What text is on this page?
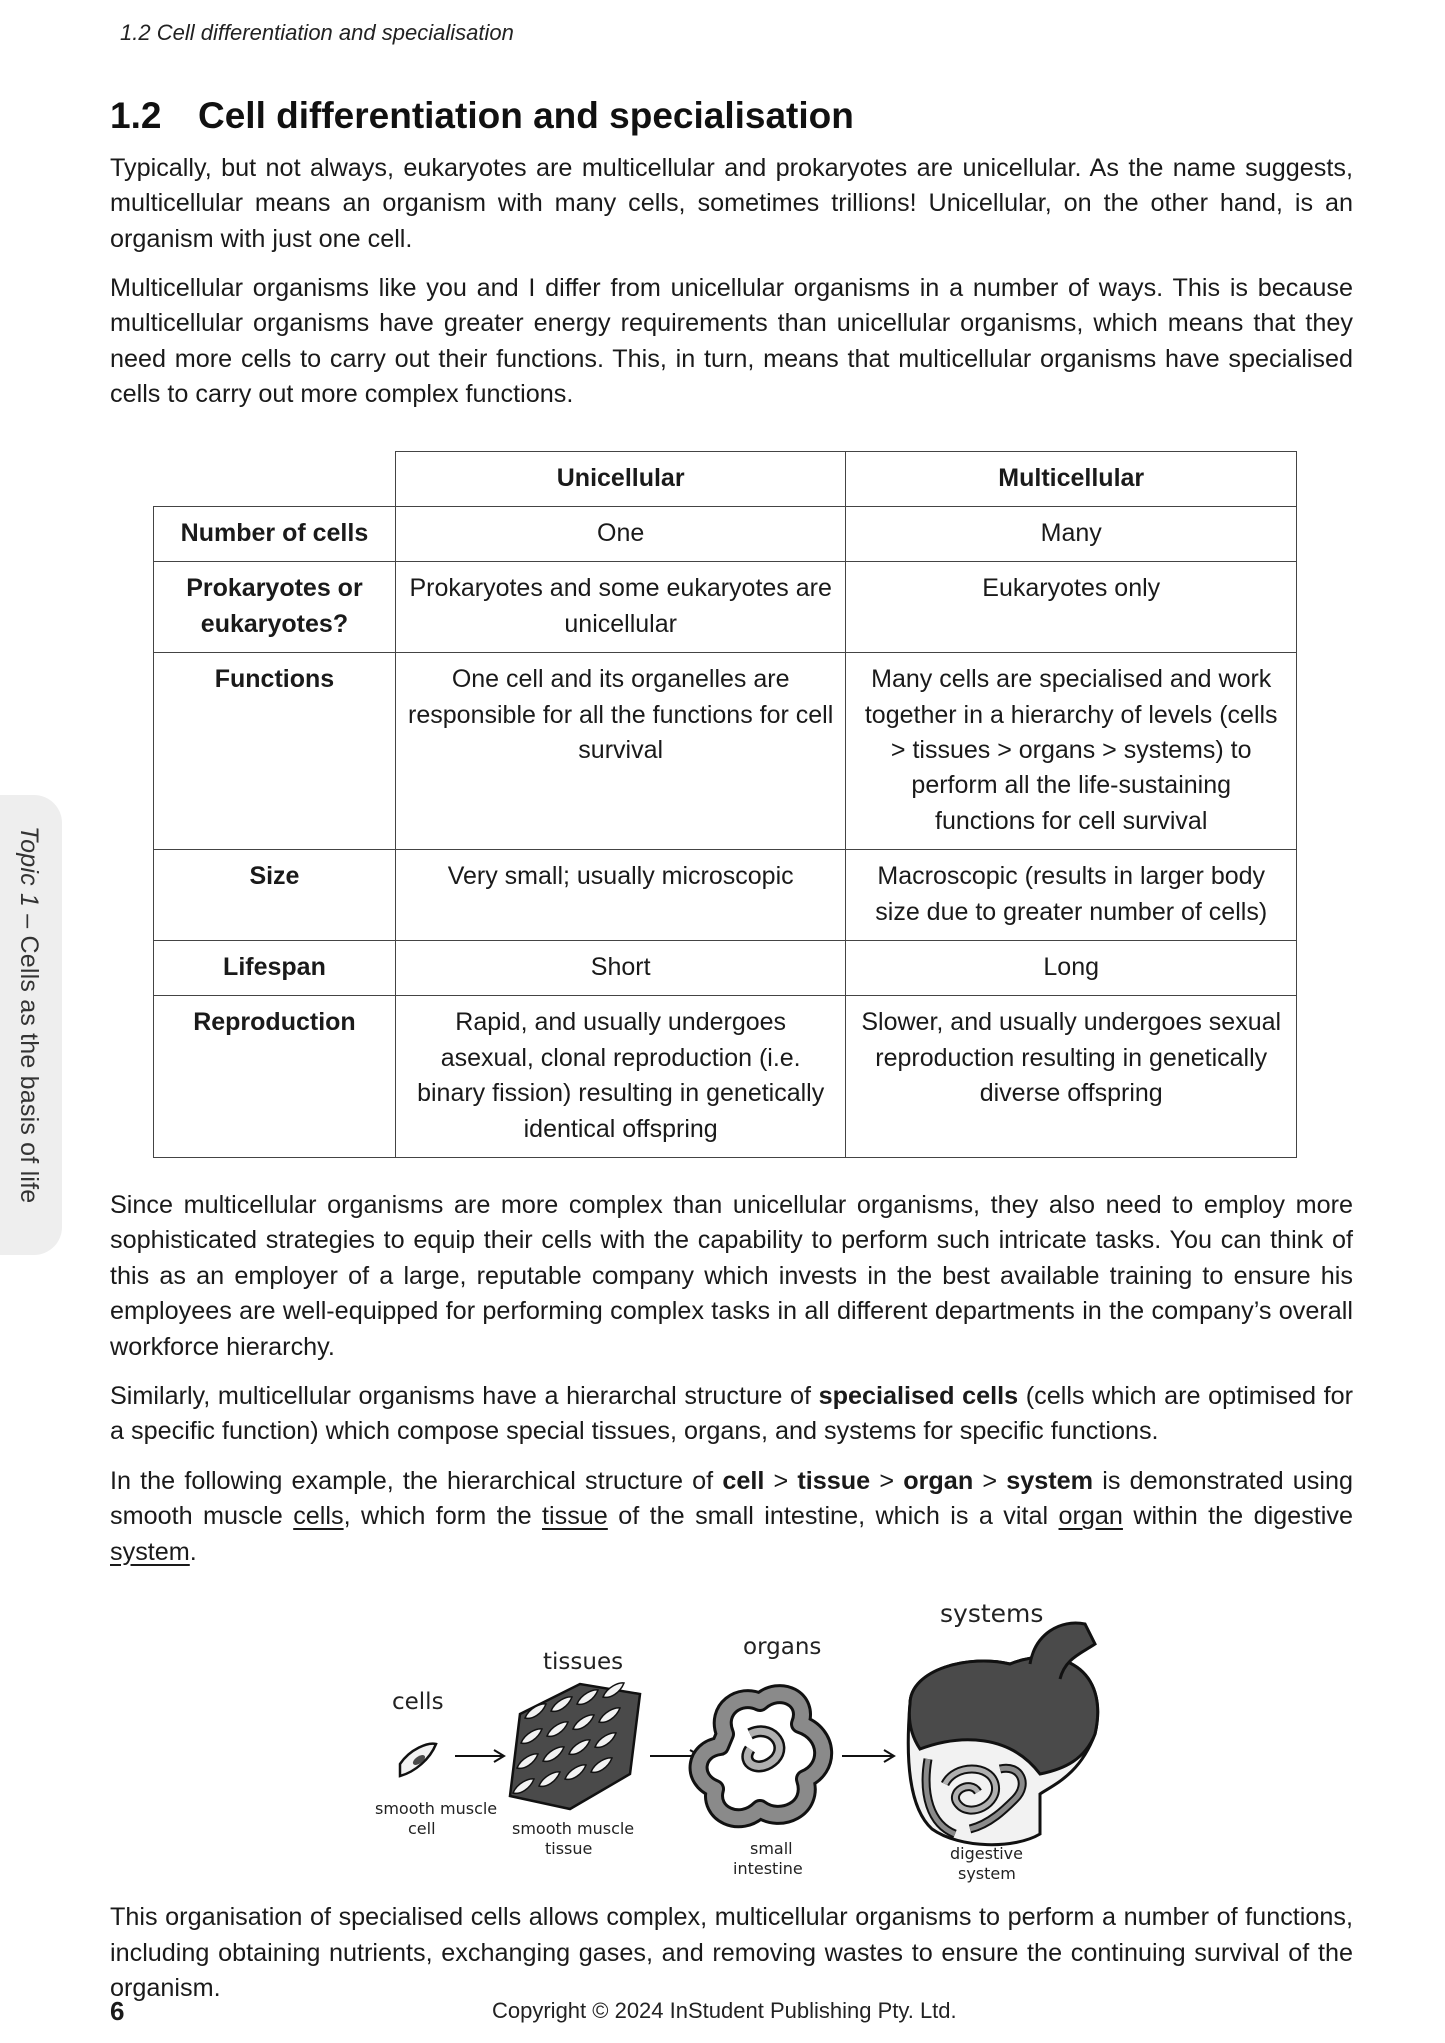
1.2 Cell differentiation and specialisation
Topic 1 – Cells as the basis of life
1.2 Cell differentiation and specialisation

Typically, but not always, eukaryotes are multicellular and prokaryotes are unicellular. As the name suggests, multicellular means an organism with many cells, sometimes trillions! Unicellular, on the other hand, is an organism with just one cell.

Multicellular organisms like you and I differ from unicellular organisms in a number of ways. This is because multicellular organisms have greater energy requirements than unicellular organisms, which means that they need more cells to carry out their functions. This, in turn, means that multicellular organisms have specialised cells to carry out more complex functions.

	Unicellular	Multicellular
Number of cells	One	Many
Prokaryotes or eukaryotes?	Prokaryotes and some eukaryotes are unicellular	Eukaryotes only
Functions	One cell and its organelles are responsible for all the functions for cell survival	Many cells are specialised and work together in a hierarchy of levels (cells > tissues > organs > systems) to perform all the life-sustaining functions for cell survival
Size	Very small; usually microscopic	Macroscopic (results in larger body size due to greater number of cells)
Lifespan	Short	Long
Reproduction	Rapid, and usually undergoes asexual, clonal reproduction (i.e. binary fission) resulting in genetically identical offspring	Slower, and usually undergoes sexual reproduction resulting in genetically diverse offspring

Since multicellular organisms are more complex than unicellular organisms, they also need to employ more sophisticated strategies to equip their cells with the capability to perform such intricate tasks. You can think of this as an employer of a large, reputable company which invests in the best available training to ensure his employees are well-equipped for performing complex tasks in all different departments in the company’s overall workforce hierarchy.

Similarly, multicellular organisms have a hierarchal structure of specialised cells (cells which are optimised for a specific function) which compose special tissues, organs, and systems for specific functions.

In the following example, the hierarchical structure of cell > tissue > organ > system is demonstrated using smooth muscle cells, which form the tissue of the small intestine, which is a vital organ within the digestive system.

cells
smooth muscle
cell
tissues
smooth muscle
tissue
organs
small
intestine
systems
digestive
system

This organisation of specialised cells allows complex, multicellular organisms to perform a number of functions, including obtaining nutrients, exchanging gases, and removing wastes to ensure the continuing survival of the organism.

6	Copyright © 2024 InStudent Publishing Pty. Ltd.
